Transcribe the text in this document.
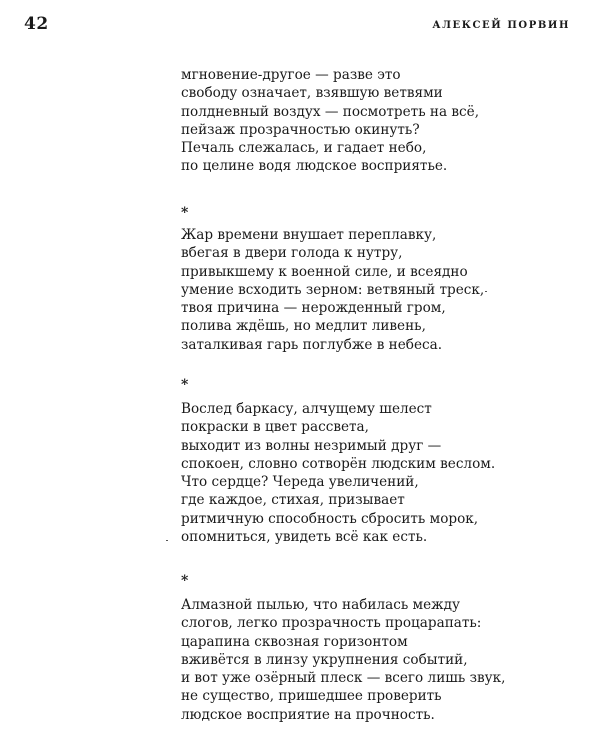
42	АЛЕКСЕЙ ПОРВИН
мгновение-другое — разве это
свободу означает, взявшую ветвями
полдневный воздух — посмотреть на всё,
пейзаж прозрачностью окинуть?
Печаль слежалась, и гадает небо,
по целине водя людское восприятье.
*
Жар времени внушает переплавку,
вбегая в двери голода к нутру,
привыкшему к военной силе, и всеядно
умение всходить зерном: ветвяный треск,
твоя причина — нерожденный гром,
полива ждёшь, но медлит ливень,
заталкивая гарь поглубже в небеса.
*
Вослед баркасу, алчущему шелест
покраски в цвет рассвета,
выходит из волны незримый друг —
спокоен, словно сотворён людским веслом.
Что сердце? Череда увеличений,
где каждое, стихая, призывает
ритмичную способность сбросить морок,
опомниться, увидеть всё как есть.
*
Алмазной пылью, что набилась между
слогов, легко прозрачность процарапать:
царапина сквозная горизонтом
вживётся в линзу укрупнения событий,
и вот уже озёрный плеск — всего лишь звук,
не существо, пришедшее проверить
людское восприятие на прочность.
